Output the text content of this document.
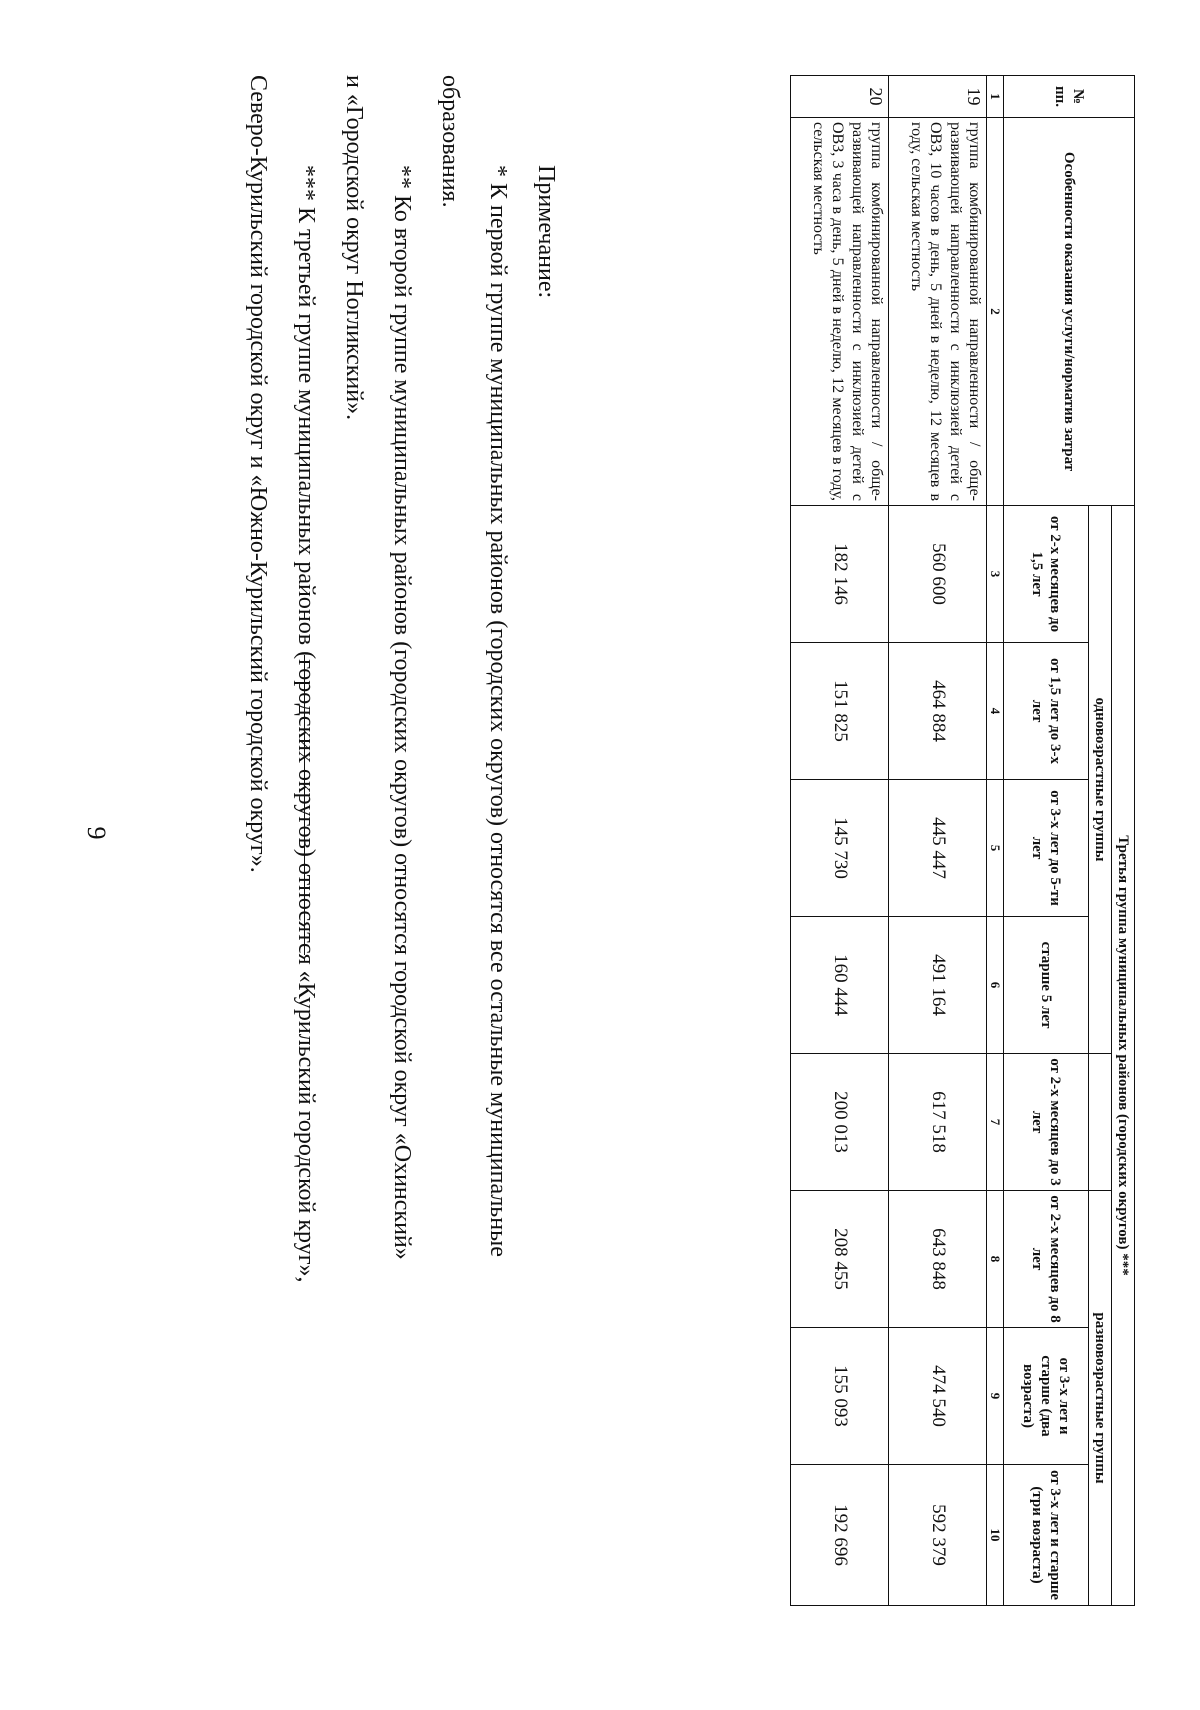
9
№ пп.	Особенности оказания услуги/норматив затрат	Третья группа муниципальных районов (городских округов) ***							
		одновозрастные группы					разновозрастные группы		
		от 2-х месяцев до 1,5 лет	от 1,5 лет до 3-х лет	от 3-х лет до 5-ти лет	старше 5 лет	от 2-х месяцев до 3 лет	от 2-х месяцев до 8 лет	от 3-х лет и старше (два возраста)	от 3-х лет и старше (три возраста)
1	2	3	4	5	6	7	8	9	10
19	группа комбинированной направленности / обще-развивающей направленности с инклюзией детей с ОВЗ, 10 часов в день, 5 дней в неделю, 12 месяцев в году, сельская местность	560 600	464 884	445 447	491 164	617 518	643 848	474 540	592 379
20	группа комбинированной направленности / обще-развивающей направленности с инклюзией детей с ОВЗ, 3 часа в день, 5 дней в неделю, 12 месяцев в году, сельская местность	182 146	151 825	145 730	160 444	200 013	208 455	155 093	192 696

Примечание:

* К первой группе муниципальных районов (городских округов) относятся все остальные муниципальные

образования.

** Ко второй группе муниципальных районов (городских округов) относятся городской округ «Охинский»

и «Городской округ Ногликский».

*** К третьей группе муниципальных районов (городских округов) относятся «Курильский городской круг»,

Северо-Курильский городской округ и «Южно-Курильский городской округ».
